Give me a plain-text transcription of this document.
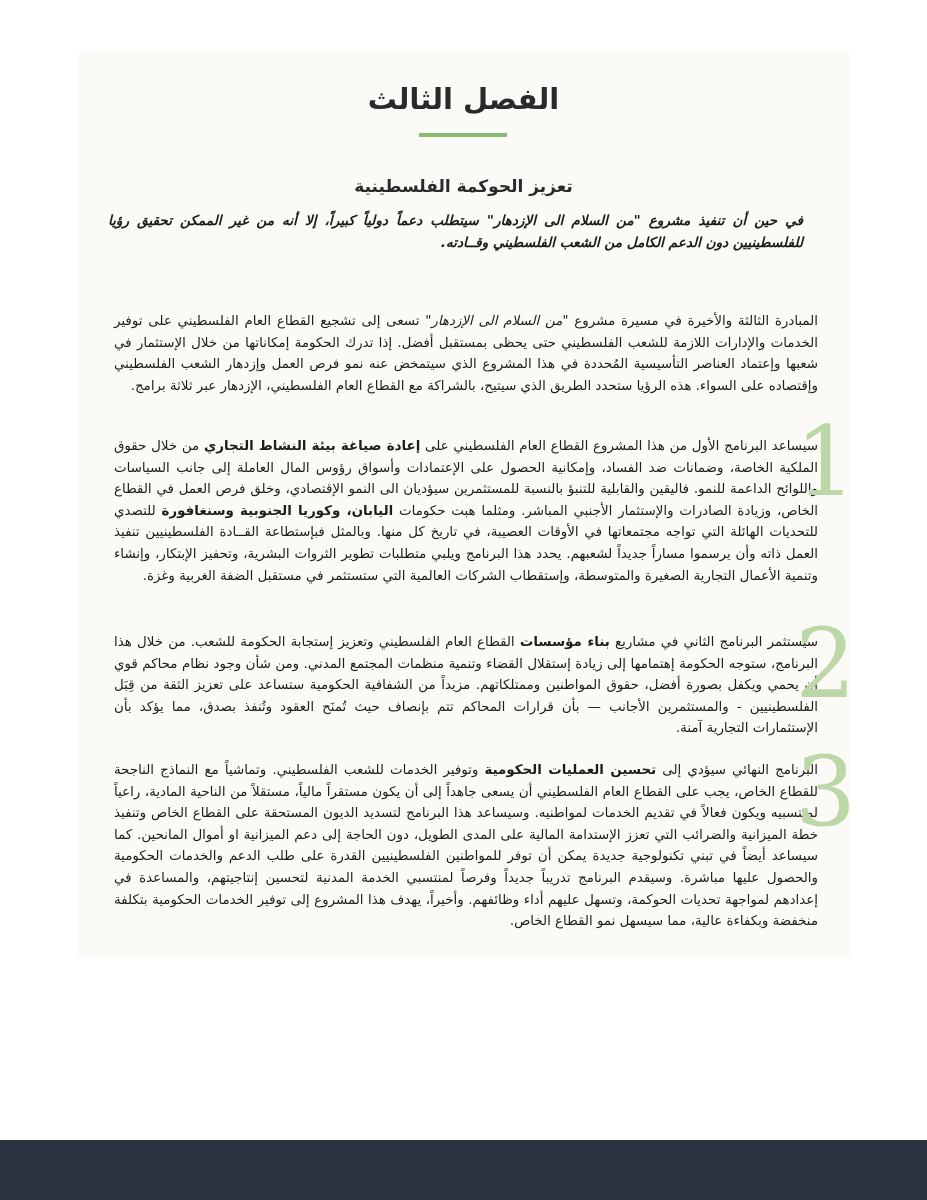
الفصل الثالث
تعزيز الحوكمة الفلسطينية

في حين أن تنفيذ مشروع "من السلام الى الإزدهار" سيتطلب دعماً دولياً كبيراً، إلا أنه من غير الممكن تحقيق رؤيا للفلسطينيين دون الدعم الكامل من الشعب الفلسطيني وقــادته.

المبادرة الثالثة والأخيرة في مسيرة مشروع "من السلام الى الإزدهار" تسعى إلى تشجيع القطاع العام الفلسطيني على توفير الخدمات والإدارات اللازمة للشعب الفلسطيني حتى يحظى بمستقبل أفضل. إذا تدرك الحكومة إمكاناتها من خلال الإستثمار في شعبها وإعتماد العناصر التأسيسية المُحددة في هذا المشروع الذي سيتمخض عنه نمو فرص العمل وإزدهار الشعب الفلسطيني وإقتصاده على السواء. هذه الرؤيا ستحدد الطريق الذي سيتيح، بالشراكة مع القطاع العام الفلسطيني، الإزدهار عبر ثلاثة برامج.

سيساعد البرنامج الأول من هذا المشروع القطاع العام الفلسطيني على إعادة صياغة بيئة النشاط التجاري من خلال حقوق الملكية الخاصة، وضمانات ضد الفساد، وإمكانية الحصول على الإعتمادات وأسواق رؤوس المال العاملة إلى جانب السياسات واللوائح الداعمة للنمو. فاليقين والقابلية للتنبؤ بالنسبة للمستثمرين سيؤديان الى النمو الإقتصادي، وخلق فرص العمل في القطاع الخاص، وزيادة الصادرات والإستثمار الأجنبي المباشر. ومثلما هبت حكومات اليابان، وكوريا الجنوبية وسنغافورة للتصدي للتحديات الهائلة التي تواجه مجتمعاتها في الأوقات العصيبة، في تاريخ كل منها. وبالمثل فبإستطاعة القــادة الفلسطينيين تنفيذ العمل ذاته وأن يرسموا مساراً جديداً لشعبهم. يحدد هذا البرنامج ويلبي متطلبات تطوير الثروات البشرية، وتحفيز الإبتكار، وإنشاء وتنمية الأعمال التجارية الصغيرة والمتوسطة، وإستقطاب الشركات العالمية التي ستستثمر في مستقبل الضفة الغربية وغزة.

سيستثمر البرنامج الثاني في مشاريع بناء مؤسسات القطاع العام الفلسطيني وتعزيز إستجابة الحكومة للشعب. من خلال هذا البرنامج، ستوجه الحكومة إهتمامها إلى زيادة إستقلال القضاء وتنمية منظمات المجتمع المدني. ومن شأن وجود نظام محاكم قوي أن يحمي ويكفل بصورة أفضل، حقوق المواطنين وممتلكاتهم. مزيداً من الشفافية الحكومية ستساعد على تعزيز الثقة من قِبَل الفلسطينيين - والمستثمرين الأجانب — بأن قرارات المحاكم تتم بإنصاف حيث تُمنَح العقود وتُنفذ بصدق، مما يؤكد بأن الإستثمارات التجارية آمنة.

البرنامج النهائي سيؤدي إلى تحسين العمليات الحكومية وتوفير الخدمات للشعب الفلسطيني. وتماشياً مع النماذج الناجحة للقطاع الخاص، يجب على القطاع العام الفلسطيني أن يسعى جاهداً إلى أن يكون مستقراً مالياً، مستقلاً من الناحية المادية، راعياً لمنتسبيه ويكون فعالاً في تقديم الخدمات لمواطنيه. وسيساعد هذا البرنامج لتسديد الديون المستحقة على القطاع الخاص وتنفيذ خطة الميزانية والضرائب التي تعزز الإستدامة المالية على المدى الطويل، دون الحاجة إلى دعم الميزانية او أموال المانحين. كما سيساعد أيضاً في تبني تكنولوجية جديدة يمكن أن توفر للمواطنين الفلسطينيين القدرة على طلب الدعم والخدمات الحكومية والحصول عليها مباشرة. وسيقدم البرنامج تدريباً جديداً وفرصاً لمنتسبي الخدمة المدنية لتحسين إنتاجيتهم، والمساعدة في إعدادهم لمواجهة تحديات الحوكمة، وتسهل عليهم أداء وظائفهم. وأخيراً، يهدف هذا المشروع إلى توفير الخدمات الحكومية بتكلفة منخفضة وبكفاءة عالية، مما سيسهل نمو القطاع الخاص.

1
2
3
